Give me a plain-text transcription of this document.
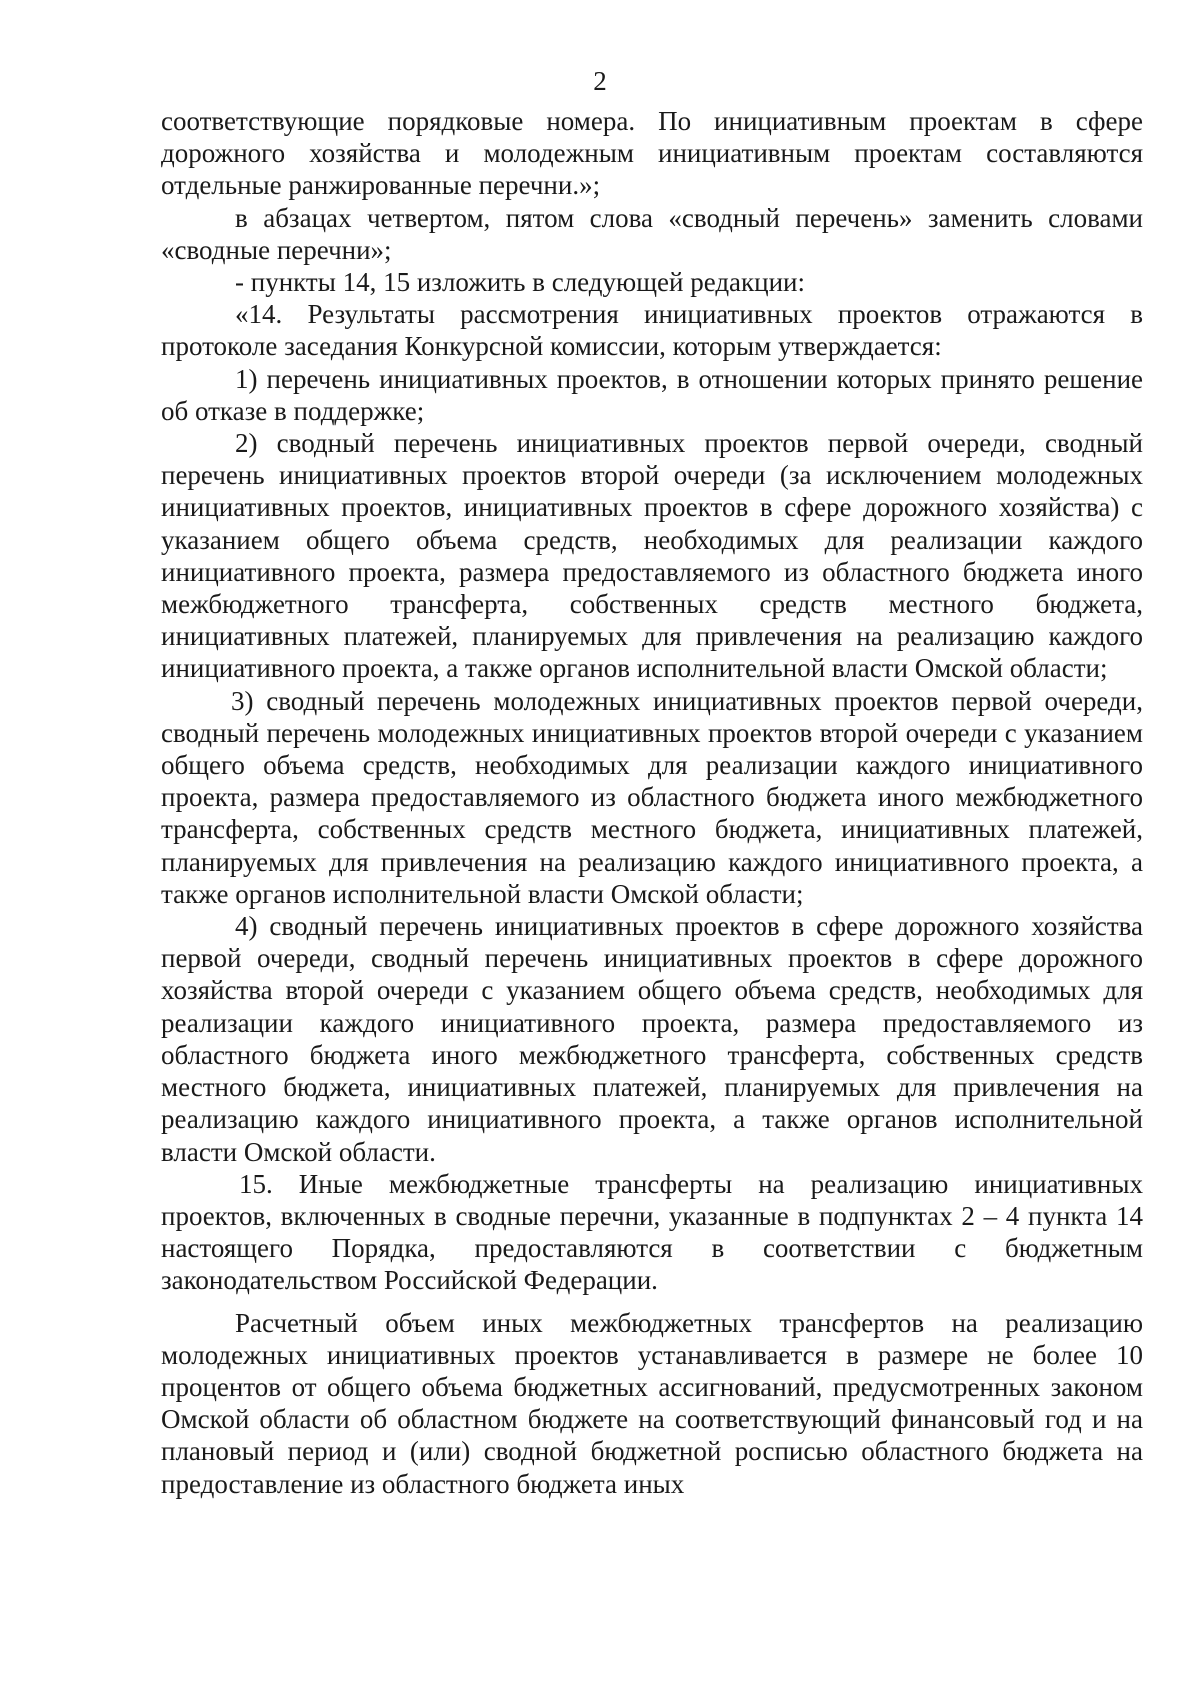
2

соответствующие порядковые номера. По инициативным проектам в сфере дорожного хозяйства и молодежным инициативным проектам составляются отдельные ранжированные перечни.»;

в абзацах четвертом, пятом слова «сводный перечень» заменить словами «сводные перечни»;

- пункты 14, 15 изложить в следующей редакции:

«14. Результаты рассмотрения инициативных проектов отражаются в протоколе заседания Конкурсной комиссии, которым утверждается:

1) перечень инициативных проектов, в отношении которых принято решение об отказе в поддержке;

2) сводный перечень инициативных проектов первой очереди, сводный перечень инициативных проектов второй очереди (за исключением молодежных инициативных проектов, инициативных проектов в сфере дорожного хозяйства) с указанием общего объема средств, необходимых для реализации каждого инициативного проекта, размера предоставляемого из областного бюджета иного межбюджетного трансферта, собственных средств местного бюджета, инициативных платежей, планируемых для привлечения на реализацию каждого инициативного проекта, а также органов исполнительной власти Омской области;

3) сводный перечень молодежных инициативных проектов первой очереди, сводный перечень молодежных инициативных проектов второй очереди с указанием общего объема средств, необходимых для реализации каждого инициативного проекта, размера предоставляемого из областного бюджета иного межбюджетного трансферта, собственных средств местного бюджета, инициативных платежей, планируемых для привлечения на реализацию каждого инициативного проекта, а также органов исполнительной власти Омской области;

4) сводный перечень инициативных проектов в сфере дорожного хозяйства первой очереди, сводный перечень инициативных проектов в сфере дорожного хозяйства второй очереди с указанием общего объема средств, необходимых для реализации каждого инициативного проекта, размера предоставляемого из областного бюджета иного межбюджетного трансферта, собственных средств местного бюджета, инициативных платежей, планируемых для привлечения на реализацию каждого инициативного проекта, а также органов исполнительной власти Омской области.

15. Иные межбюджетные трансферты на реализацию инициативных проектов, включенных в сводные перечни, указанные в подпунктах 2 – 4 пункта 14 настоящего Порядка, предоставляются в соответствии с бюджетным законодательством Российской Федерации.

Расчетный объем иных межбюджетных трансфертов на реализацию молодежных инициативных проектов устанавливается в размере не более 10 процентов от общего объема бюджетных ассигнований, предусмотренных законом Омской области об областном бюджете на соответствующий финансовый год и на плановый период и (или) сводной бюджетной росписью областного бюджета на предоставление из областного бюджета иных
